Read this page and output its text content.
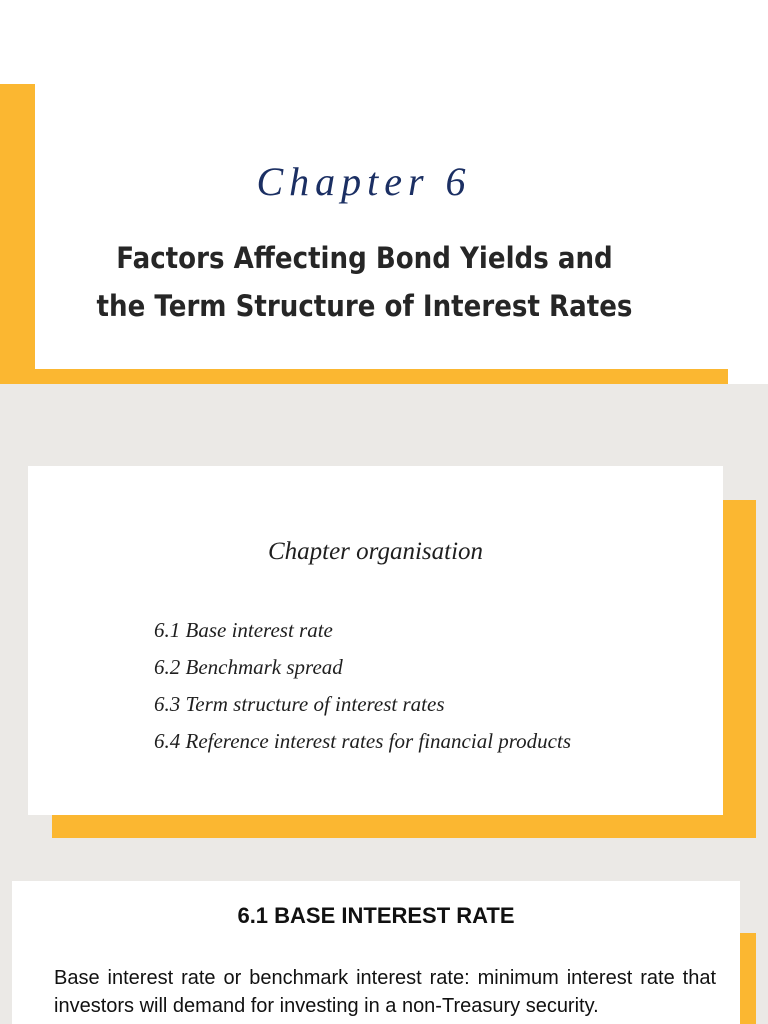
Chapter 6
Factors Affecting Bond Yields and
the Term Structure of Interest Rates
Chapter organisation
6.1 Base interest rate
6.2 Benchmark spread
6.3 Term structure of interest rates
6.4 Reference interest rates for financial products
6.1 BASE INTEREST RATE

Base interest rate or benchmark interest rate: minimum interest rate that investors will demand for investing in a non-Treasury security.
